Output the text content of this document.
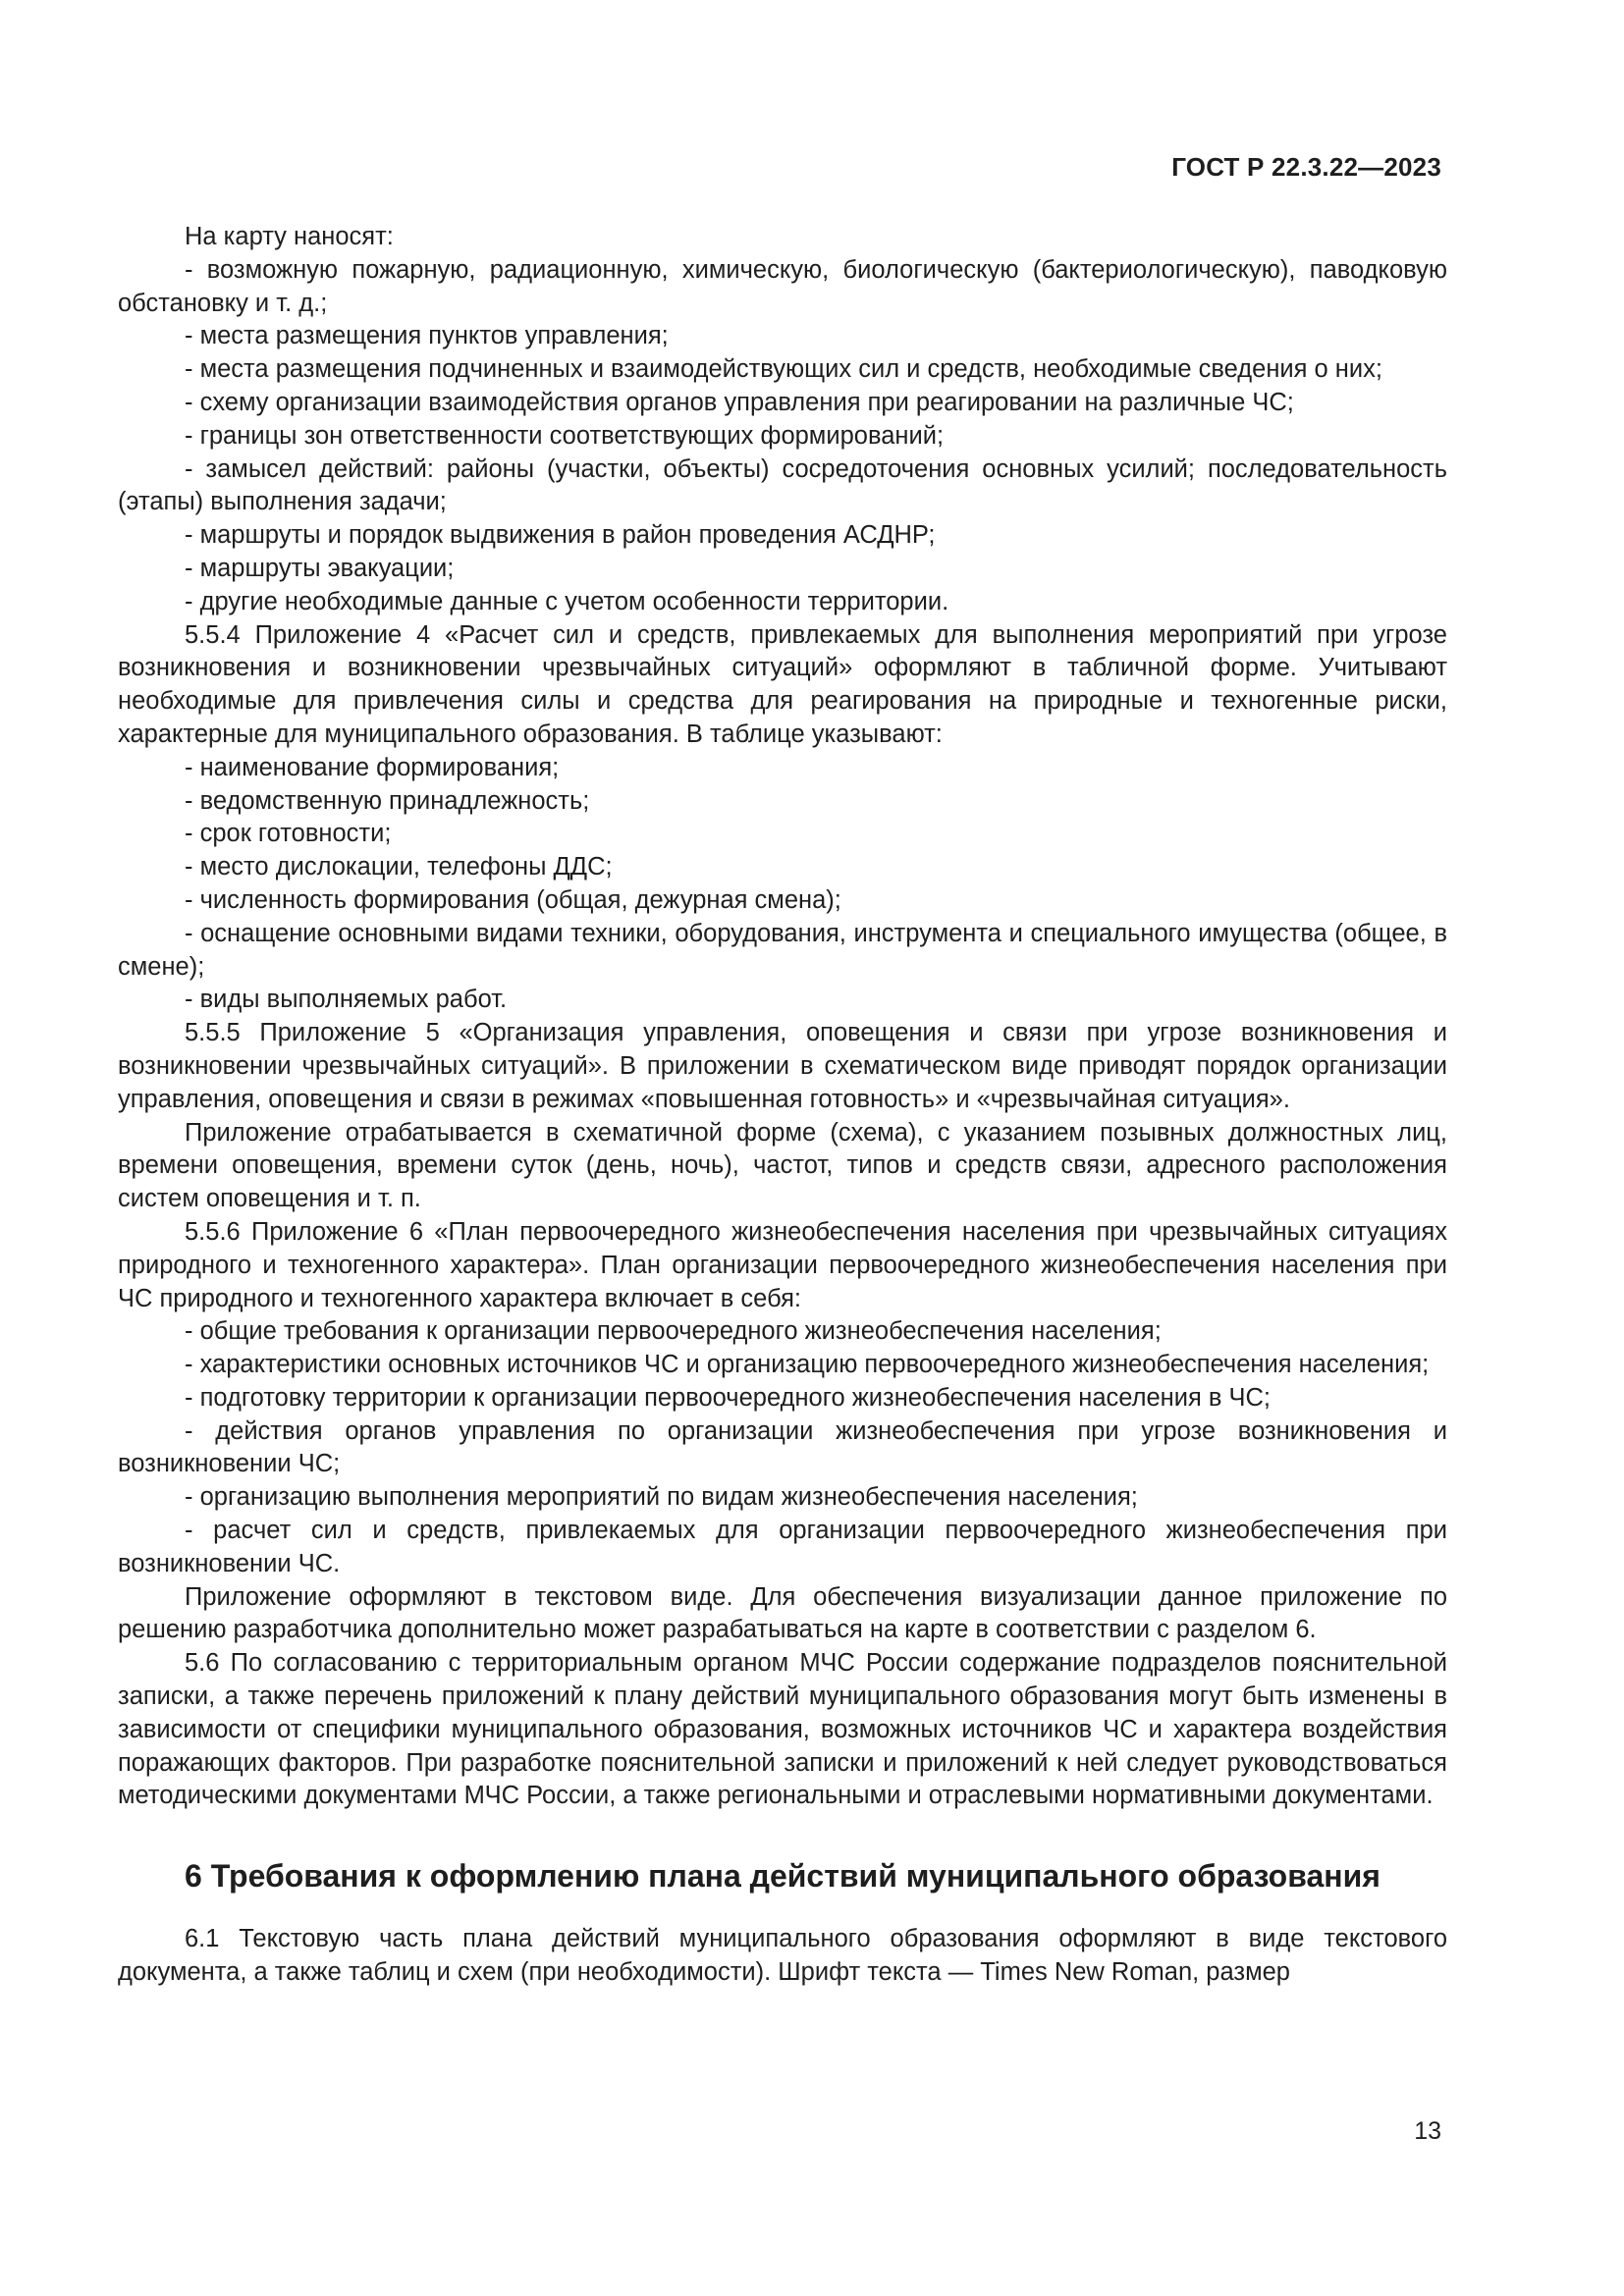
ГОСТ Р 22.3.22—2023

На карту наносят:

- возможную пожарную, радиационную, химическую, биологическую (бактериологическую), паводковую обстановку и т. д.;

- места размещения пунктов управления;

- места размещения подчиненных и взаимодействующих сил и средств, необходимые сведения о них;

- схему организации взаимодействия органов управления при реагировании на различные ЧС;

- границы зон ответственности соответствующих формирований;

- замысел действий: районы (участки, объекты) сосредоточения основных усилий; последовательность (этапы) выполнения задачи;

- маршруты и порядок выдвижения в район проведения АСДНР;

- маршруты эвакуации;

- другие необходимые данные с учетом особенности территории.

5.5.4 Приложение 4 «Расчет сил и средств, привлекаемых для выполнения мероприятий при угрозе возникновения и возникновении чрезвычайных ситуаций» оформляют в табличной форме. Учитывают необходимые для привлечения силы и средства для реагирования на природные и техногенные риски, характерные для муниципального образования. В таблице указывают:

- наименование формирования;

- ведомственную принадлежность;

- срок готовности;

- место дислокации, телефоны ДДС;

- численность формирования (общая, дежурная смена);

- оснащение основными видами техники, оборудования, инструмента и специального имущества (общее, в смене);

- виды выполняемых работ.

5.5.5 Приложение 5 «Организация управления, оповещения и связи при угрозе возникновения и возникновении чрезвычайных ситуаций». В приложении в схематическом виде приводят порядок организации управления, оповещения и связи в режимах «повышенная готовность» и «чрезвычайная ситуация».

Приложение отрабатывается в схематичной форме (схема), с указанием позывных должностных лиц, времени оповещения, времени суток (день, ночь), частот, типов и средств связи, адресного расположения систем оповещения и т. п.

5.5.6 Приложение 6 «План первоочередного жизнеобеспечения населения при чрезвычайных ситуациях природного и техногенного характера». План организации первоочередного жизнеобеспечения населения при ЧС природного и техногенного характера включает в себя:

- общие требования к организации первоочередного жизнеобеспечения населения;

- характеристики основных источников ЧС и организацию первоочередного жизнеобеспечения населения;

- подготовку территории к организации первоочередного жизнеобеспечения населения в ЧС;

- действия органов управления по организации жизнеобеспечения при угрозе возникновения и возникновении ЧС;

- организацию выполнения мероприятий по видам жизнеобеспечения населения;

- расчет сил и средств, привлекаемых для организации первоочередного жизнеобеспечения при возникновении ЧС.

Приложение оформляют в текстовом виде. Для обеспечения визуализации данное приложение по решению разработчика дополнительно может разрабатываться на карте в соответствии с разделом 6.

5.6 По согласованию с территориальным органом МЧС России содержание подразделов пояснительной записки, а также перечень приложений к плану действий муниципального образования могут быть изменены в зависимости от специфики муниципального образования, возможных источников ЧС и характера воздействия поражающих факторов. При разработке пояснительной записки и приложений к ней следует руководствоваться методическими документами МЧС России, а также региональными и отраслевыми нормативными документами.

6 Требования к оформлению плана действий муниципального образования

6.1 Текстовую часть плана действий муниципального образования оформляют в виде текстового документа, а также таблиц и схем (при необходимости). Шрифт текста — Times New Roman, размер

13
